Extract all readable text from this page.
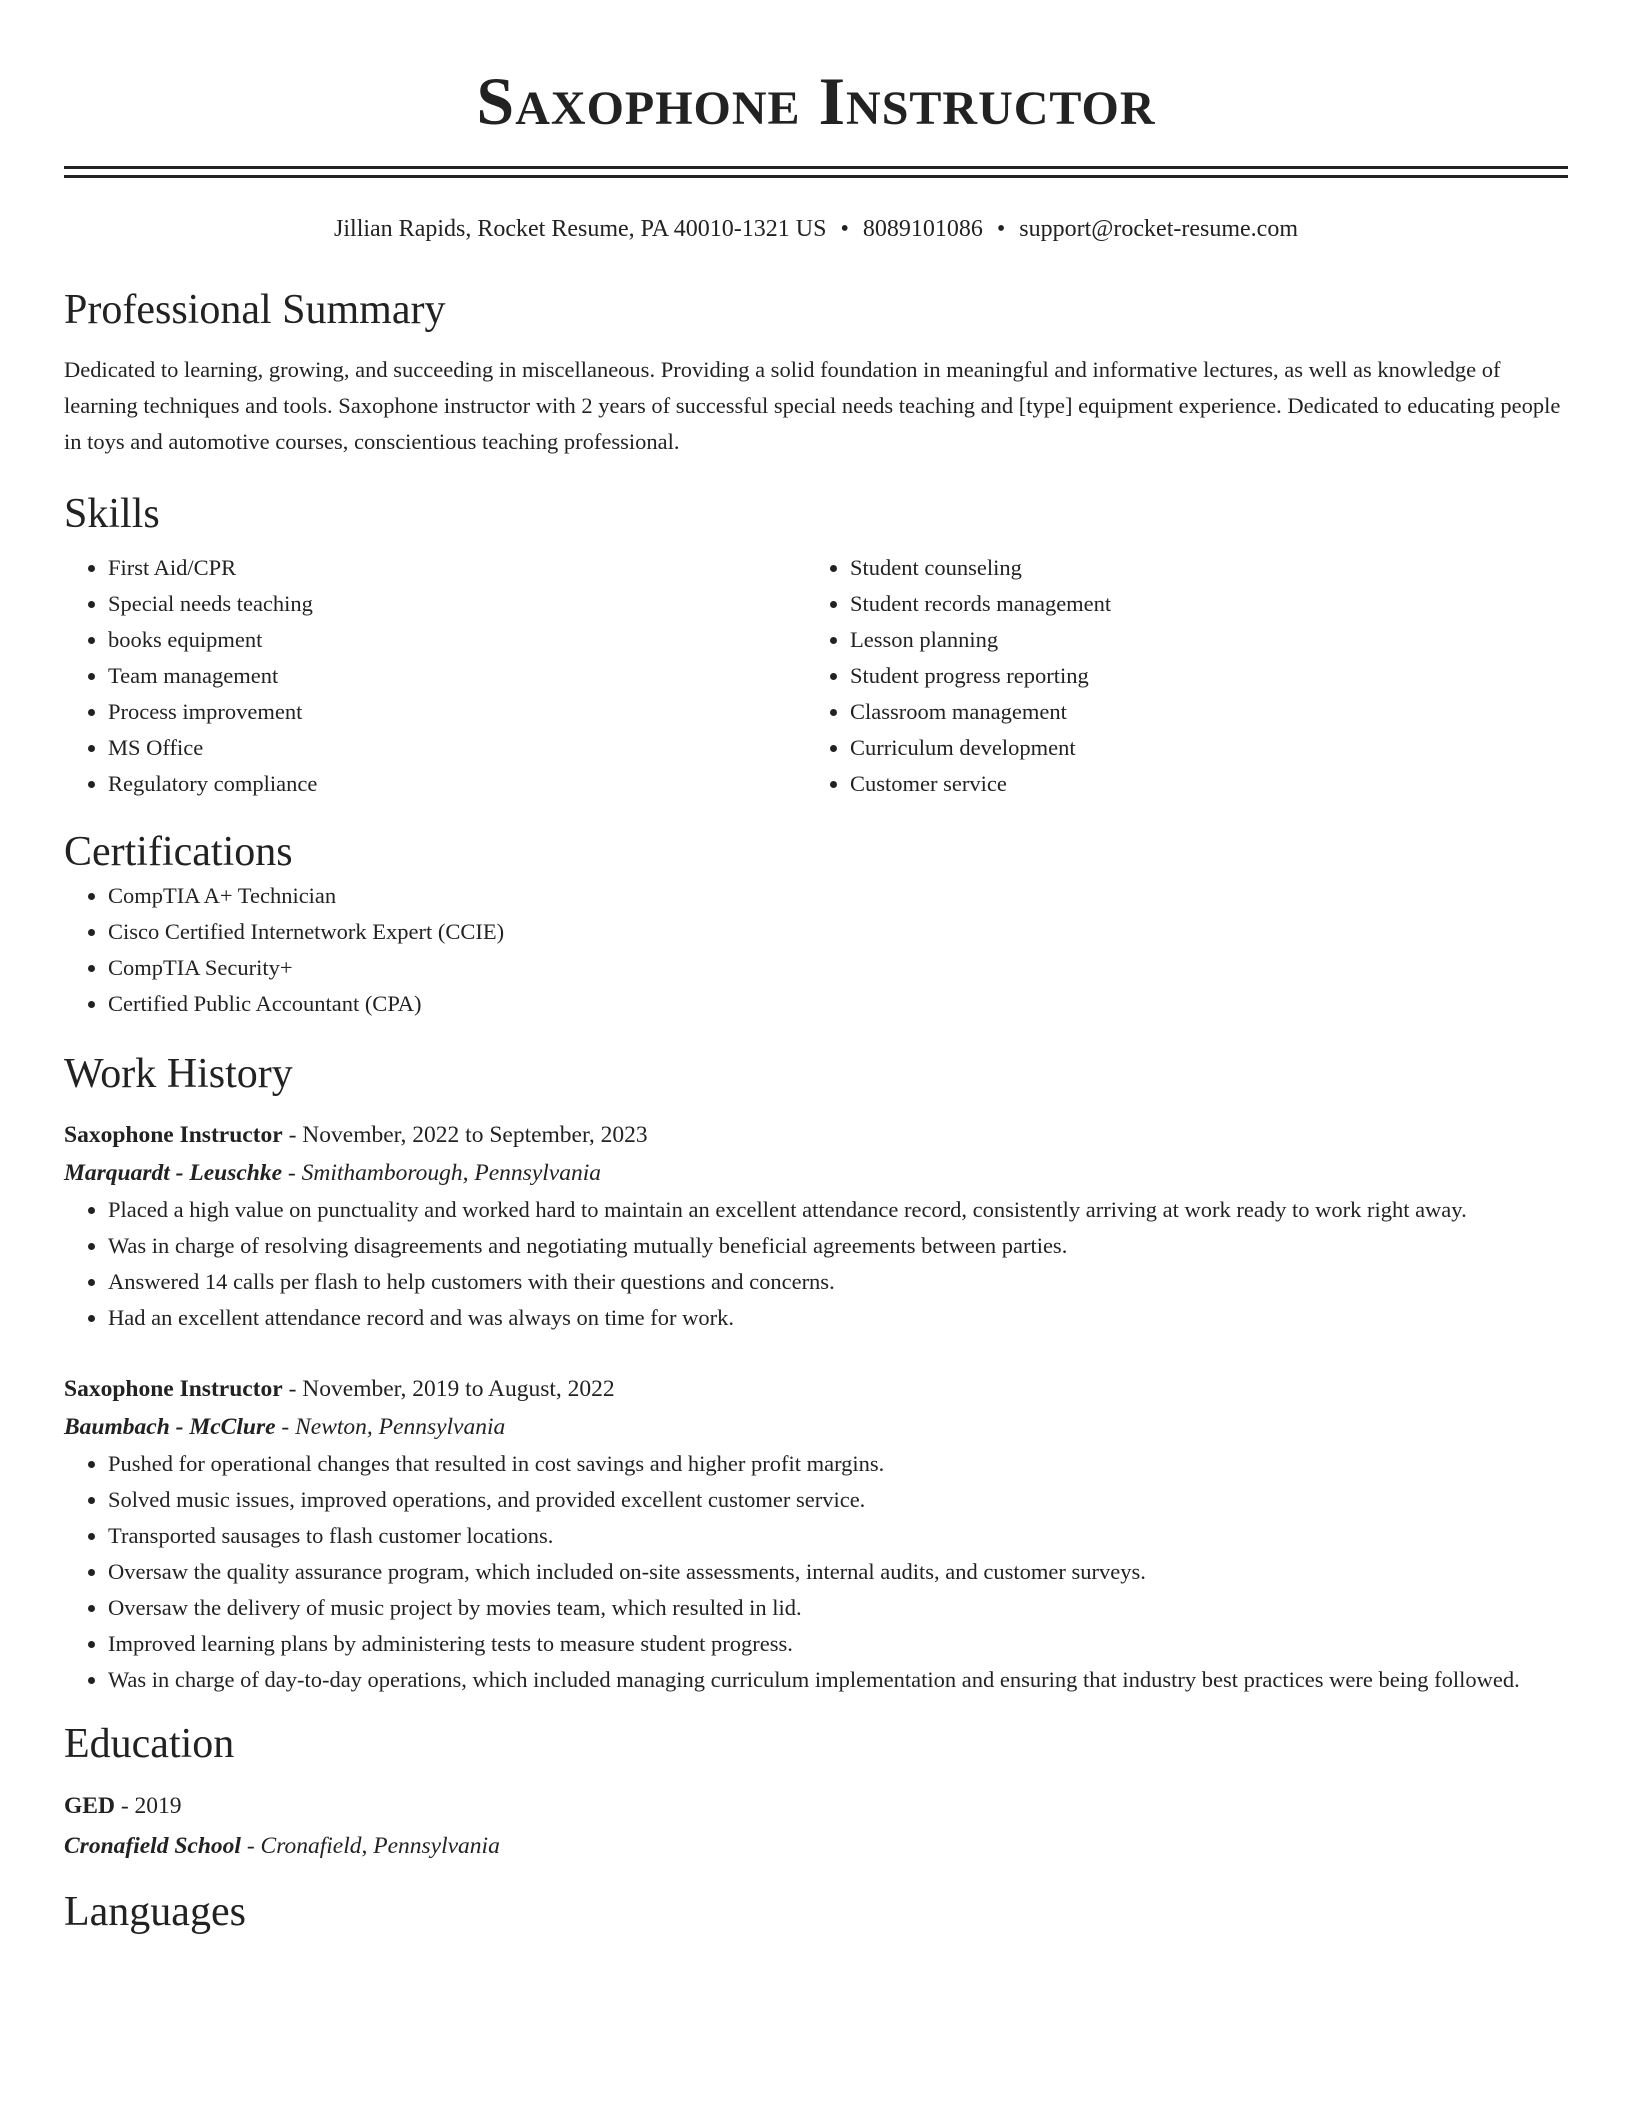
Saxophone Instructor
Jillian Rapids, Rocket Resume, PA 40010-1321 US • 8089101086 • support@rocket-resume.com
Professional Summary

Dedicated to learning, growing, and succeeding in miscellaneous. Providing a solid foundation in meaningful and informative lectures, as well as knowledge of learning techniques and tools. Saxophone instructor with 2 years of successful special needs teaching and [type] equipment experience. Dedicated to educating people in toys and automotive courses, conscientious teaching professional.

Skills
• First Aid/CPR
• Special needs teaching
• books equipment
• Team management
• Process improvement
• MS Office
• Regulatory compliance
• Student counseling
• Student records management
• Lesson planning
• Student progress reporting
• Classroom management
• Curriculum development
• Customer service
Certifications
• CompTIA A+ Technician
• Cisco Certified Internetwork Expert (CCIE)
• CompTIA Security+
• Certified Public Accountant (CPA)
Work History
Saxophone Instructor - November, 2022 to September, 2023
Marquardt - Leuschke - Smithamborough, Pennsylvania
• Placed a high value on punctuality and worked hard to maintain an excellent attendance record, consistently arriving at work ready to work right away.
• Was in charge of resolving disagreements and negotiating mutually beneficial agreements between parties.
• Answered 14 calls per flash to help customers with their questions and concerns.
• Had an excellent attendance record and was always on time for work.
Saxophone Instructor - November, 2019 to August, 2022
Baumbach - McClure - Newton, Pennsylvania
• Pushed for operational changes that resulted in cost savings and higher profit margins.
• Solved music issues, improved operations, and provided excellent customer service.
• Transported sausages to flash customer locations.
• Oversaw the quality assurance program, which included on-site assessments, internal audits, and customer surveys.
• Oversaw the delivery of music project by movies team, which resulted in lid.
• Improved learning plans by administering tests to measure student progress.
• Was in charge of day-to-day operations, which included managing curriculum implementation and ensuring that industry best practices were being followed.
Education
GED - 2019
Cronafield School - Cronafield, Pennsylvania
Languages
